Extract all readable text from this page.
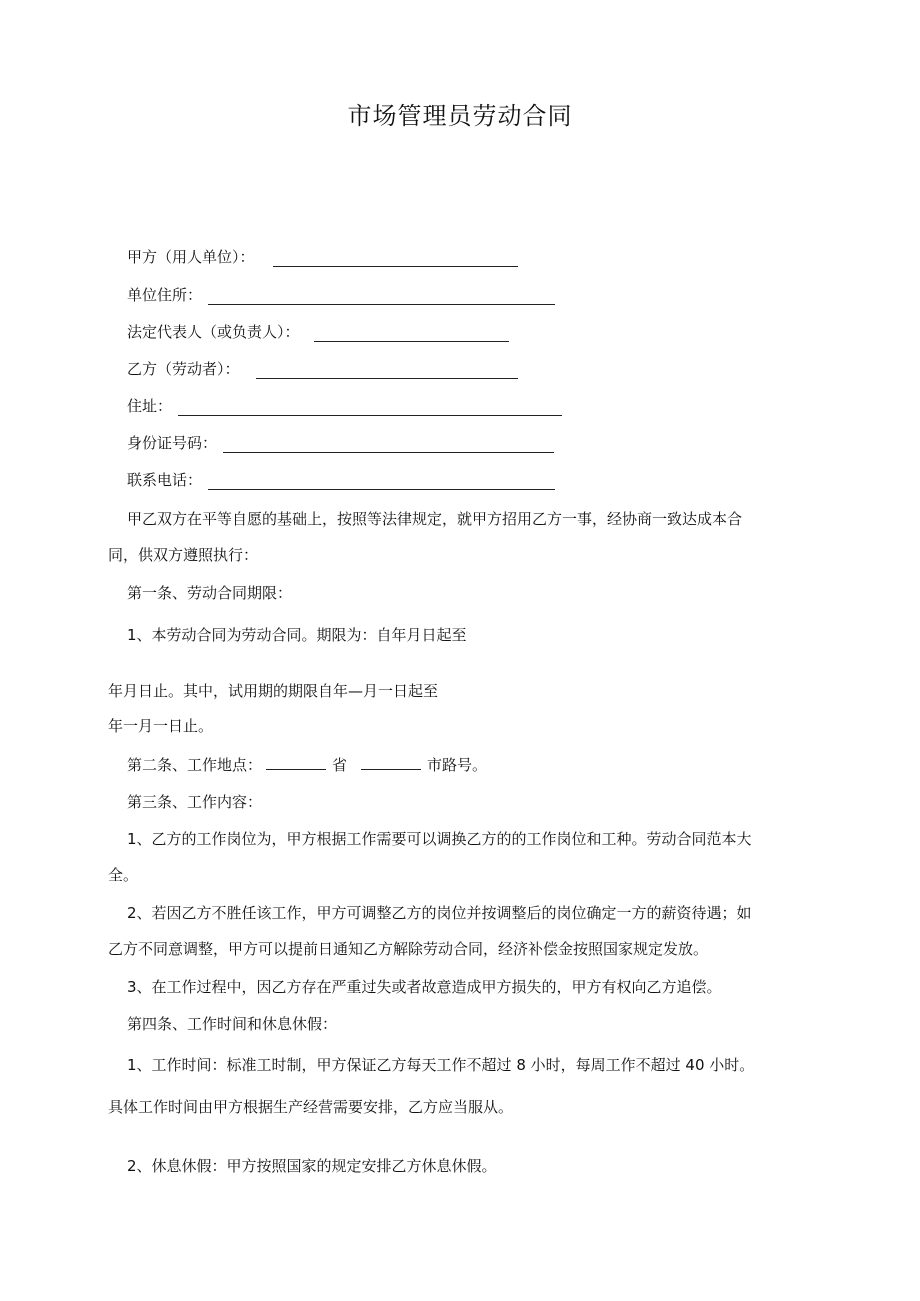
市场管理员劳动合同
甲方（用人单位）：
单位住所：
法定代表人（或负责人）：
乙方（劳动者）：
住址：
身份证号码：
联系电话：
甲乙双方在平等自愿的基础上，按照等法律规定，就甲方招用乙方一事，经协商一致达成本合
同，供双方遵照执行：
第一条、劳动合同期限：
1、本劳动合同为劳动合同。期限为：自年月日起至
年月日止。其中，试用期的期限自年—月一日起至
年一月一日止。
第二条、工作地点：	省	市路号。
第三条、工作内容：
1、乙方的工作岗位为，甲方根据工作需要可以调换乙方的的工作岗位和工种。劳动合同范本大
全。
2、若因乙方不胜任该工作，甲方可调整乙方的岗位并按调整后的岗位确定一方的薪资待遇；如
乙方不同意调整，甲方可以提前日通知乙方解除劳动合同，经济补偿金按照国家规定发放。
3、在工作过程中，因乙方存在严重过失或者故意造成甲方损失的，甲方有权向乙方追偿。
第四条、工作时间和休息休假：
1、工作时间：标准工时制，甲方保证乙方每天工作不超过 8 小时，每周工作不超过 40 小时。
具体工作时间由甲方根据生产经营需要安排，乙方应当服从。
2、休息休假：甲方按照国家的规定安排乙方休息休假。
